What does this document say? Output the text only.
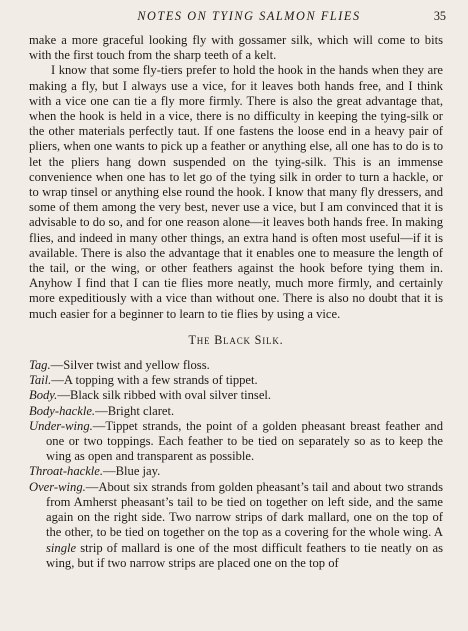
NOTES ON TYING SALMON FLIES	35

make a more graceful looking fly with gossamer silk, which will come to bits with the first touch from the sharp teeth of a kelt.

I know that some fly-tiers prefer to hold the hook in the hands when they are making a fly, but I always use a vice, for it leaves both hands free, and I think with a vice one can tie a fly more firmly. There is also the great advantage that, when the hook is held in a vice, there is no difficulty in keeping the tying-silk or the other materials perfectly taut. If one fastens the loose end in a heavy pair of pliers, when one wants to pick up a feather or anything else, all one has to do is to let the pliers hang down suspended on the tying-silk. This is an immense convenience when one has to let go of the tying silk in order to turn a hackle, or to wrap tinsel or anything else round the hook. I know that many fly dressers, and some of them among the very best, never use a vice, but I am convinced that it is advisable to do so, and for one reason alone—it leaves both hands free. In making flies, and indeed in many other things, an extra hand is often most useful—if it is available. There is also the advantage that it enables one to measure the length of the tail, or the wing, or other feathers against the hook before tying them in. Anyhow I find that I can tie flies more neatly, much more firmly, and certainly more expeditiously with a vice than without one. There is also no doubt that it is much easier for a beginner to learn to tie flies by using a vice.

The Black Silk.

Tag.—Silver twist and yellow floss.

Tail.—A topping with a few strands of tippet.

Body.—Black silk ribbed with oval silver tinsel.

Body-hackle.—Bright claret.

Under-wing.—Tippet strands, the point of a golden pheasant breast feather and one or two toppings. Each feather to be tied on separately so as to keep the wing as open and transparent as possible.

Throat-hackle.—Blue jay.

Over-wing.—About six strands from golden pheasant’s tail and about two strands from Amherst pheasant’s tail to be tied on together on left side, and the same again on the right side. Two narrow strips of dark mallard, one on the top of the other, to be tied on together on the top as a covering for the whole wing. A single strip of mallard is one of the most difficult feathers to tie neatly on as wing, but if two narrow strips are placed one on the top of
